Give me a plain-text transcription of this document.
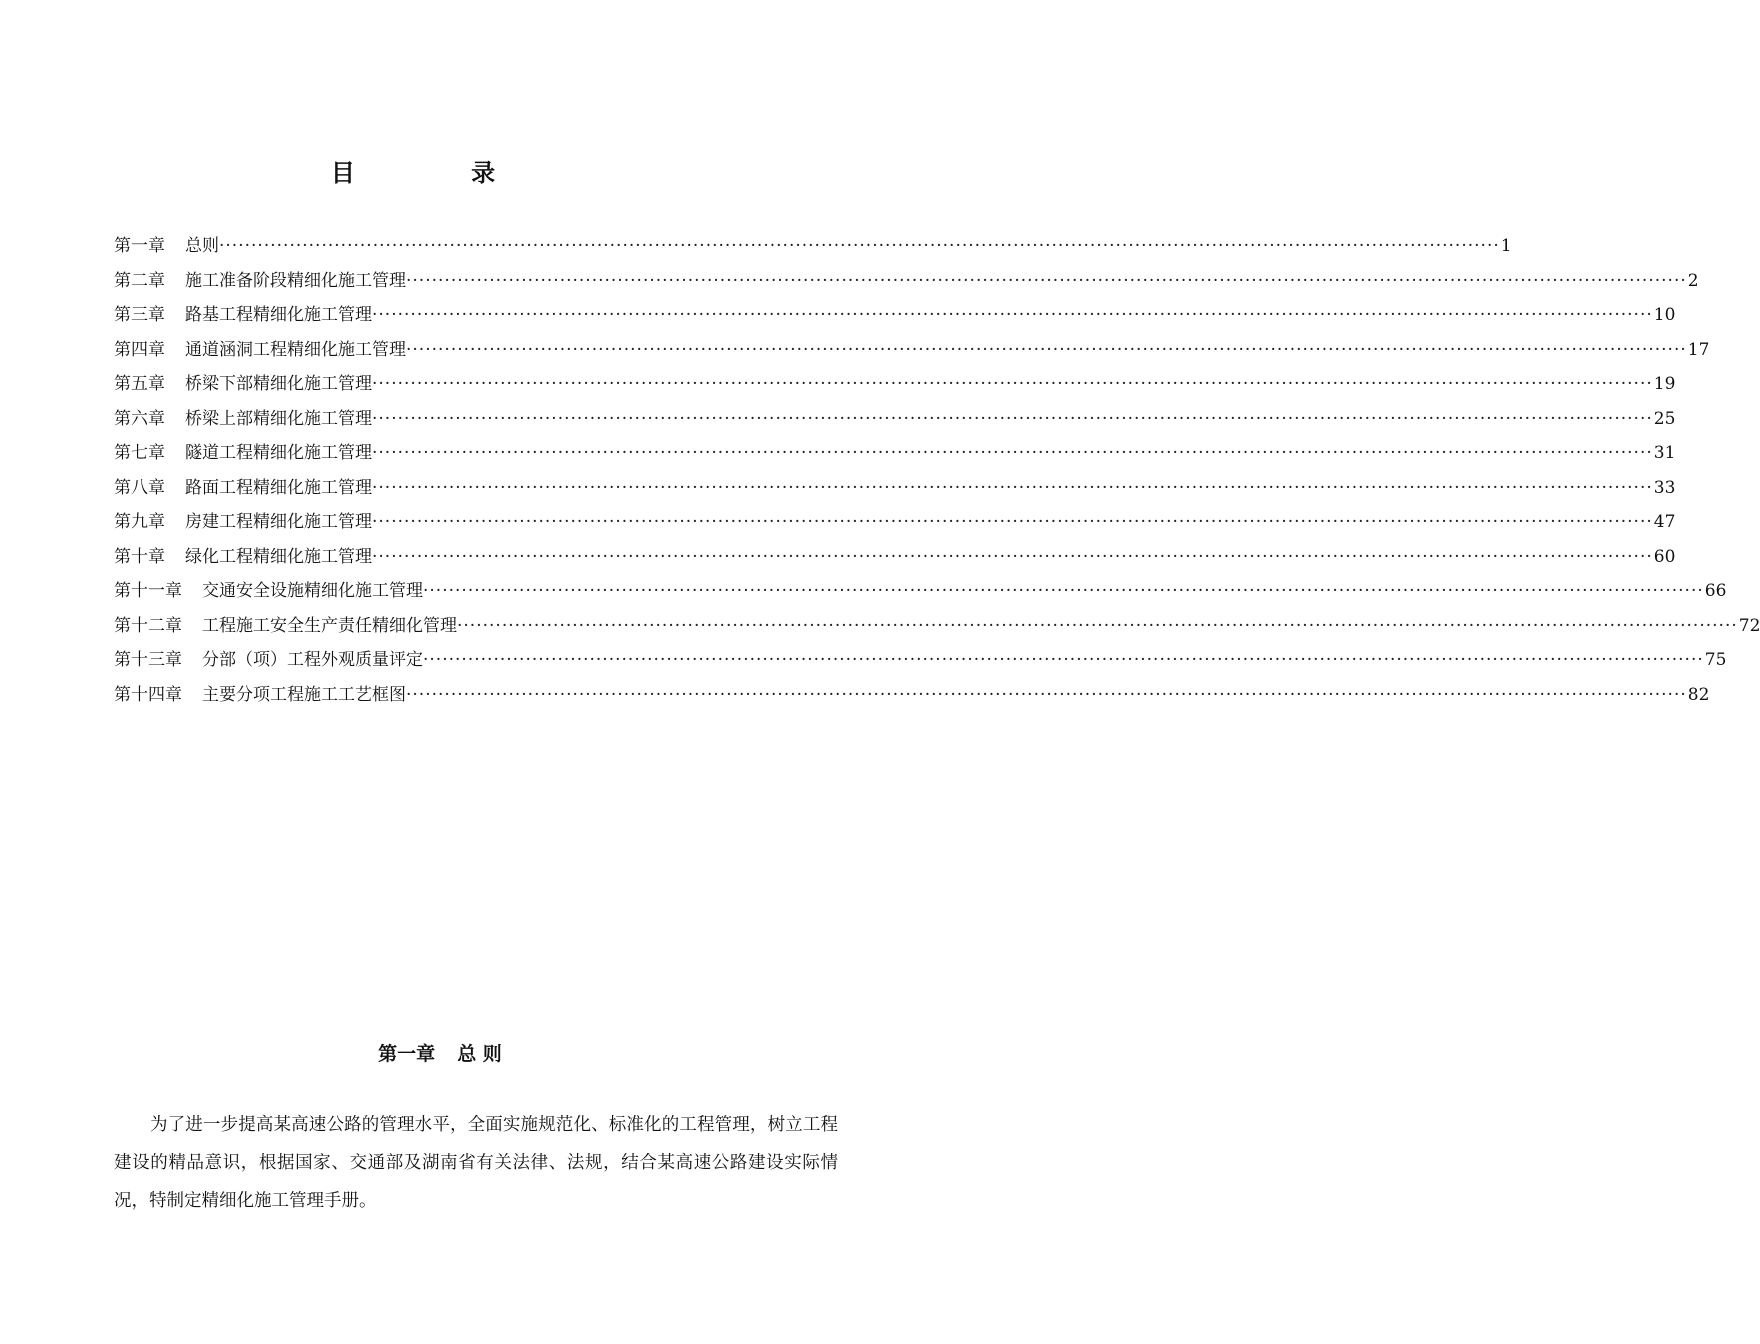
目 录
第一章 总则 ········································································································································································································ 1
第二章 施工准备阶段精细化施工管理 ········································································································································································································ 2
第三章 路基工程精细化施工管理 ········································································································································································································ 10
第四章 通道涵洞工程精细化施工管理 ········································································································································································································ 17
第五章 桥梁下部精细化施工管理 ········································································································································································································ 19
第六章 桥梁上部精细化施工管理 ········································································································································································································ 25
第七章 隧道工程精细化施工管理 ········································································································································································································ 31
第八章 路面工程精细化施工管理 ········································································································································································································ 33
第九章 房建工程精细化施工管理 ········································································································································································································ 47
第十章 绿化工程精细化施工管理 ········································································································································································································ 60
第十一章 交通安全设施精细化施工管理 ········································································································································································································ 66
第十二章 工程施工安全生产责任精细化管理 ········································································································································································································ 72
第十三章 分部（项）工程外观质量评定 ········································································································································································································ 75
第十四章 主要分项工程施工工艺框图 ········································································································································································································ 82
第一章 总 则

为了进一步提高某高速公路的管理水平，全面实施规范化、标准化的工程管理，树立工程建设的精品意识，根据国家、交通部及湖南省有关法律、法规，结合某高速公路建设实际情况，特制定精细化施工管理手册。
